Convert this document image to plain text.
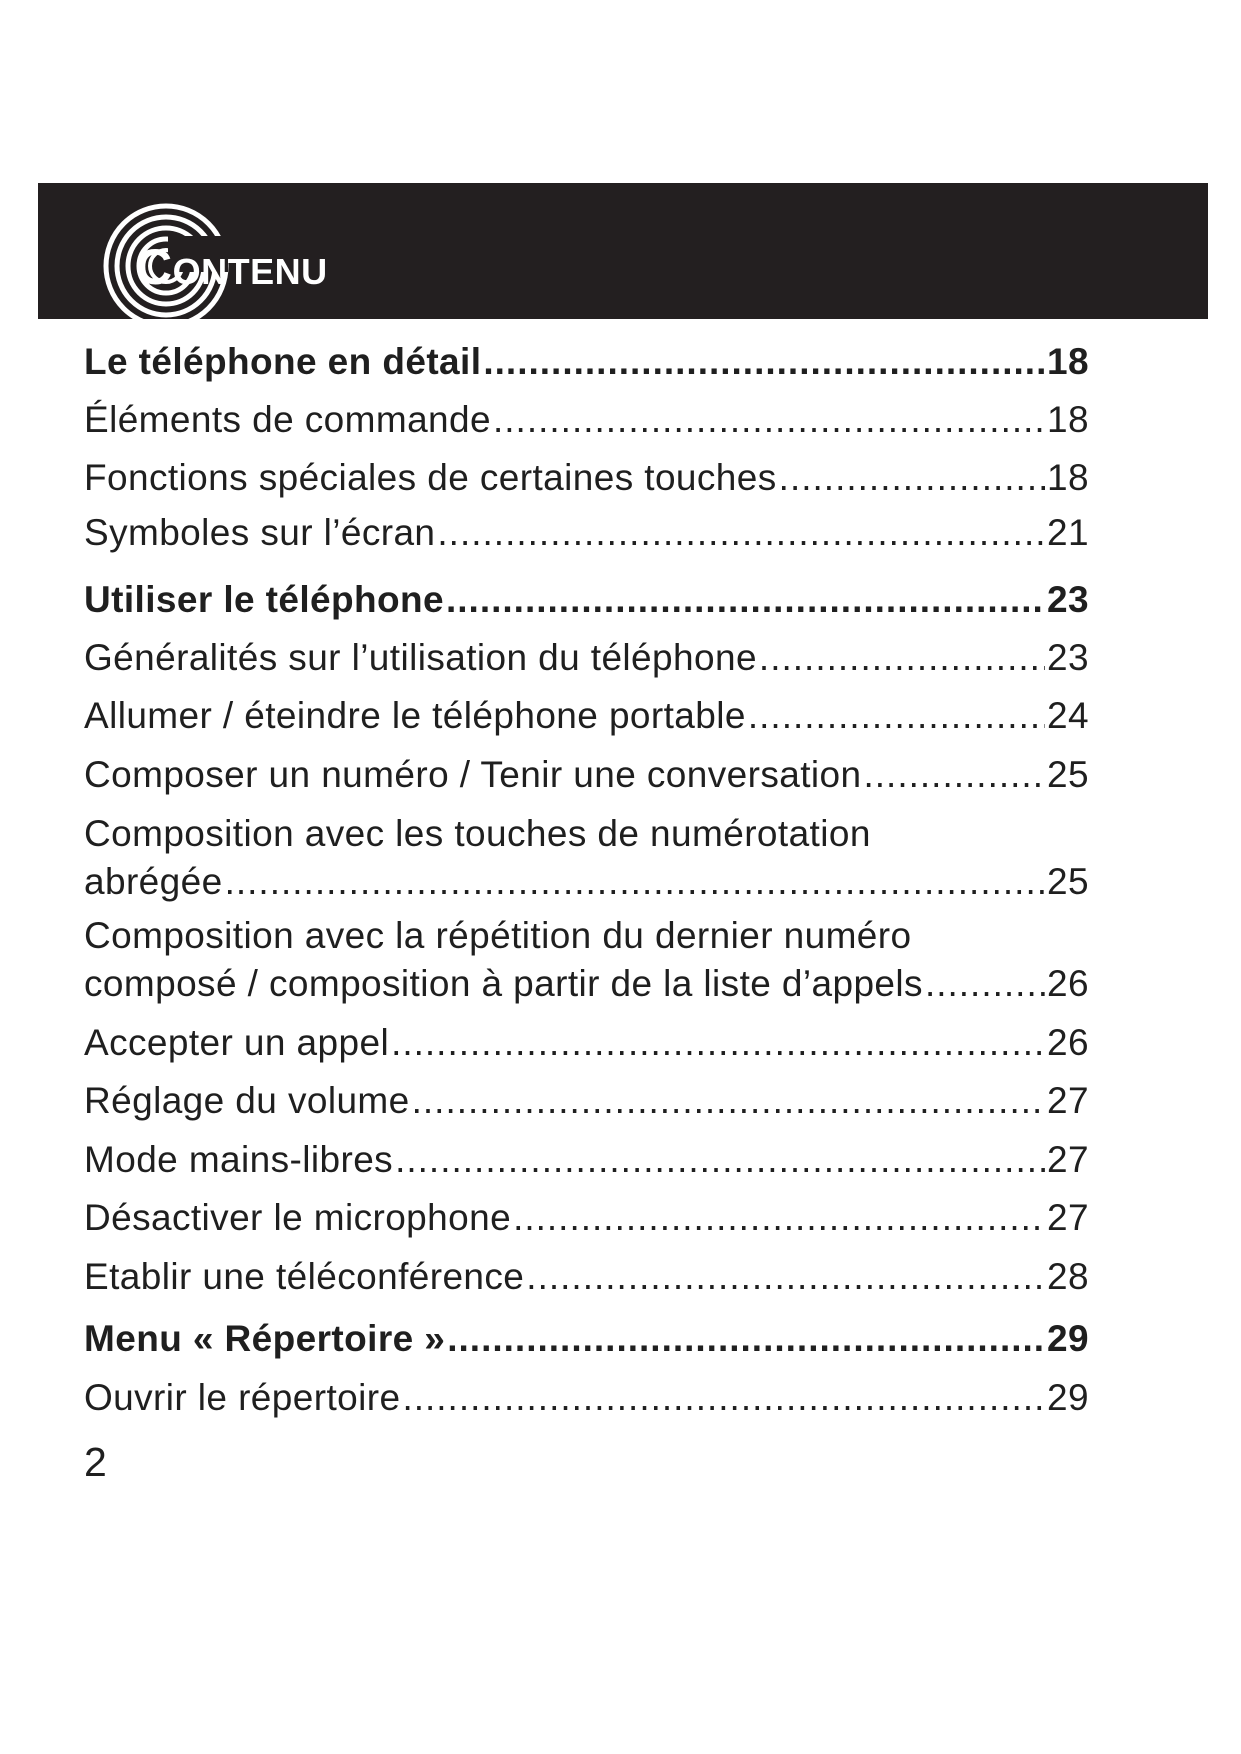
CONTENU
Le téléphone en détail .....	18
Éléments de commande .....	18
Fonctions spéciales de certaines touches .....	18
Symboles sur l’écran .....	21
Utiliser le téléphone .....	23
Généralités sur l’utilisation du téléphone .....	23
Allumer / éteindre le téléphone portable .....	24
Composer un numéro / Tenir une conversation .....	25
Composition avec les touches de numérotation
abrégée .....	25
Composition avec la répétition du dernier numéro
composé / composition à partir de la liste d’appels .....	26
Accepter un appel .....	26
Réglage du volume .....	27
Mode mains-libres .....	27
Désactiver le microphone .....	27
Etablir une téléconférence .....	28
Menu « Répertoire » .....	29
Ouvrir le répertoire .....	29
2
